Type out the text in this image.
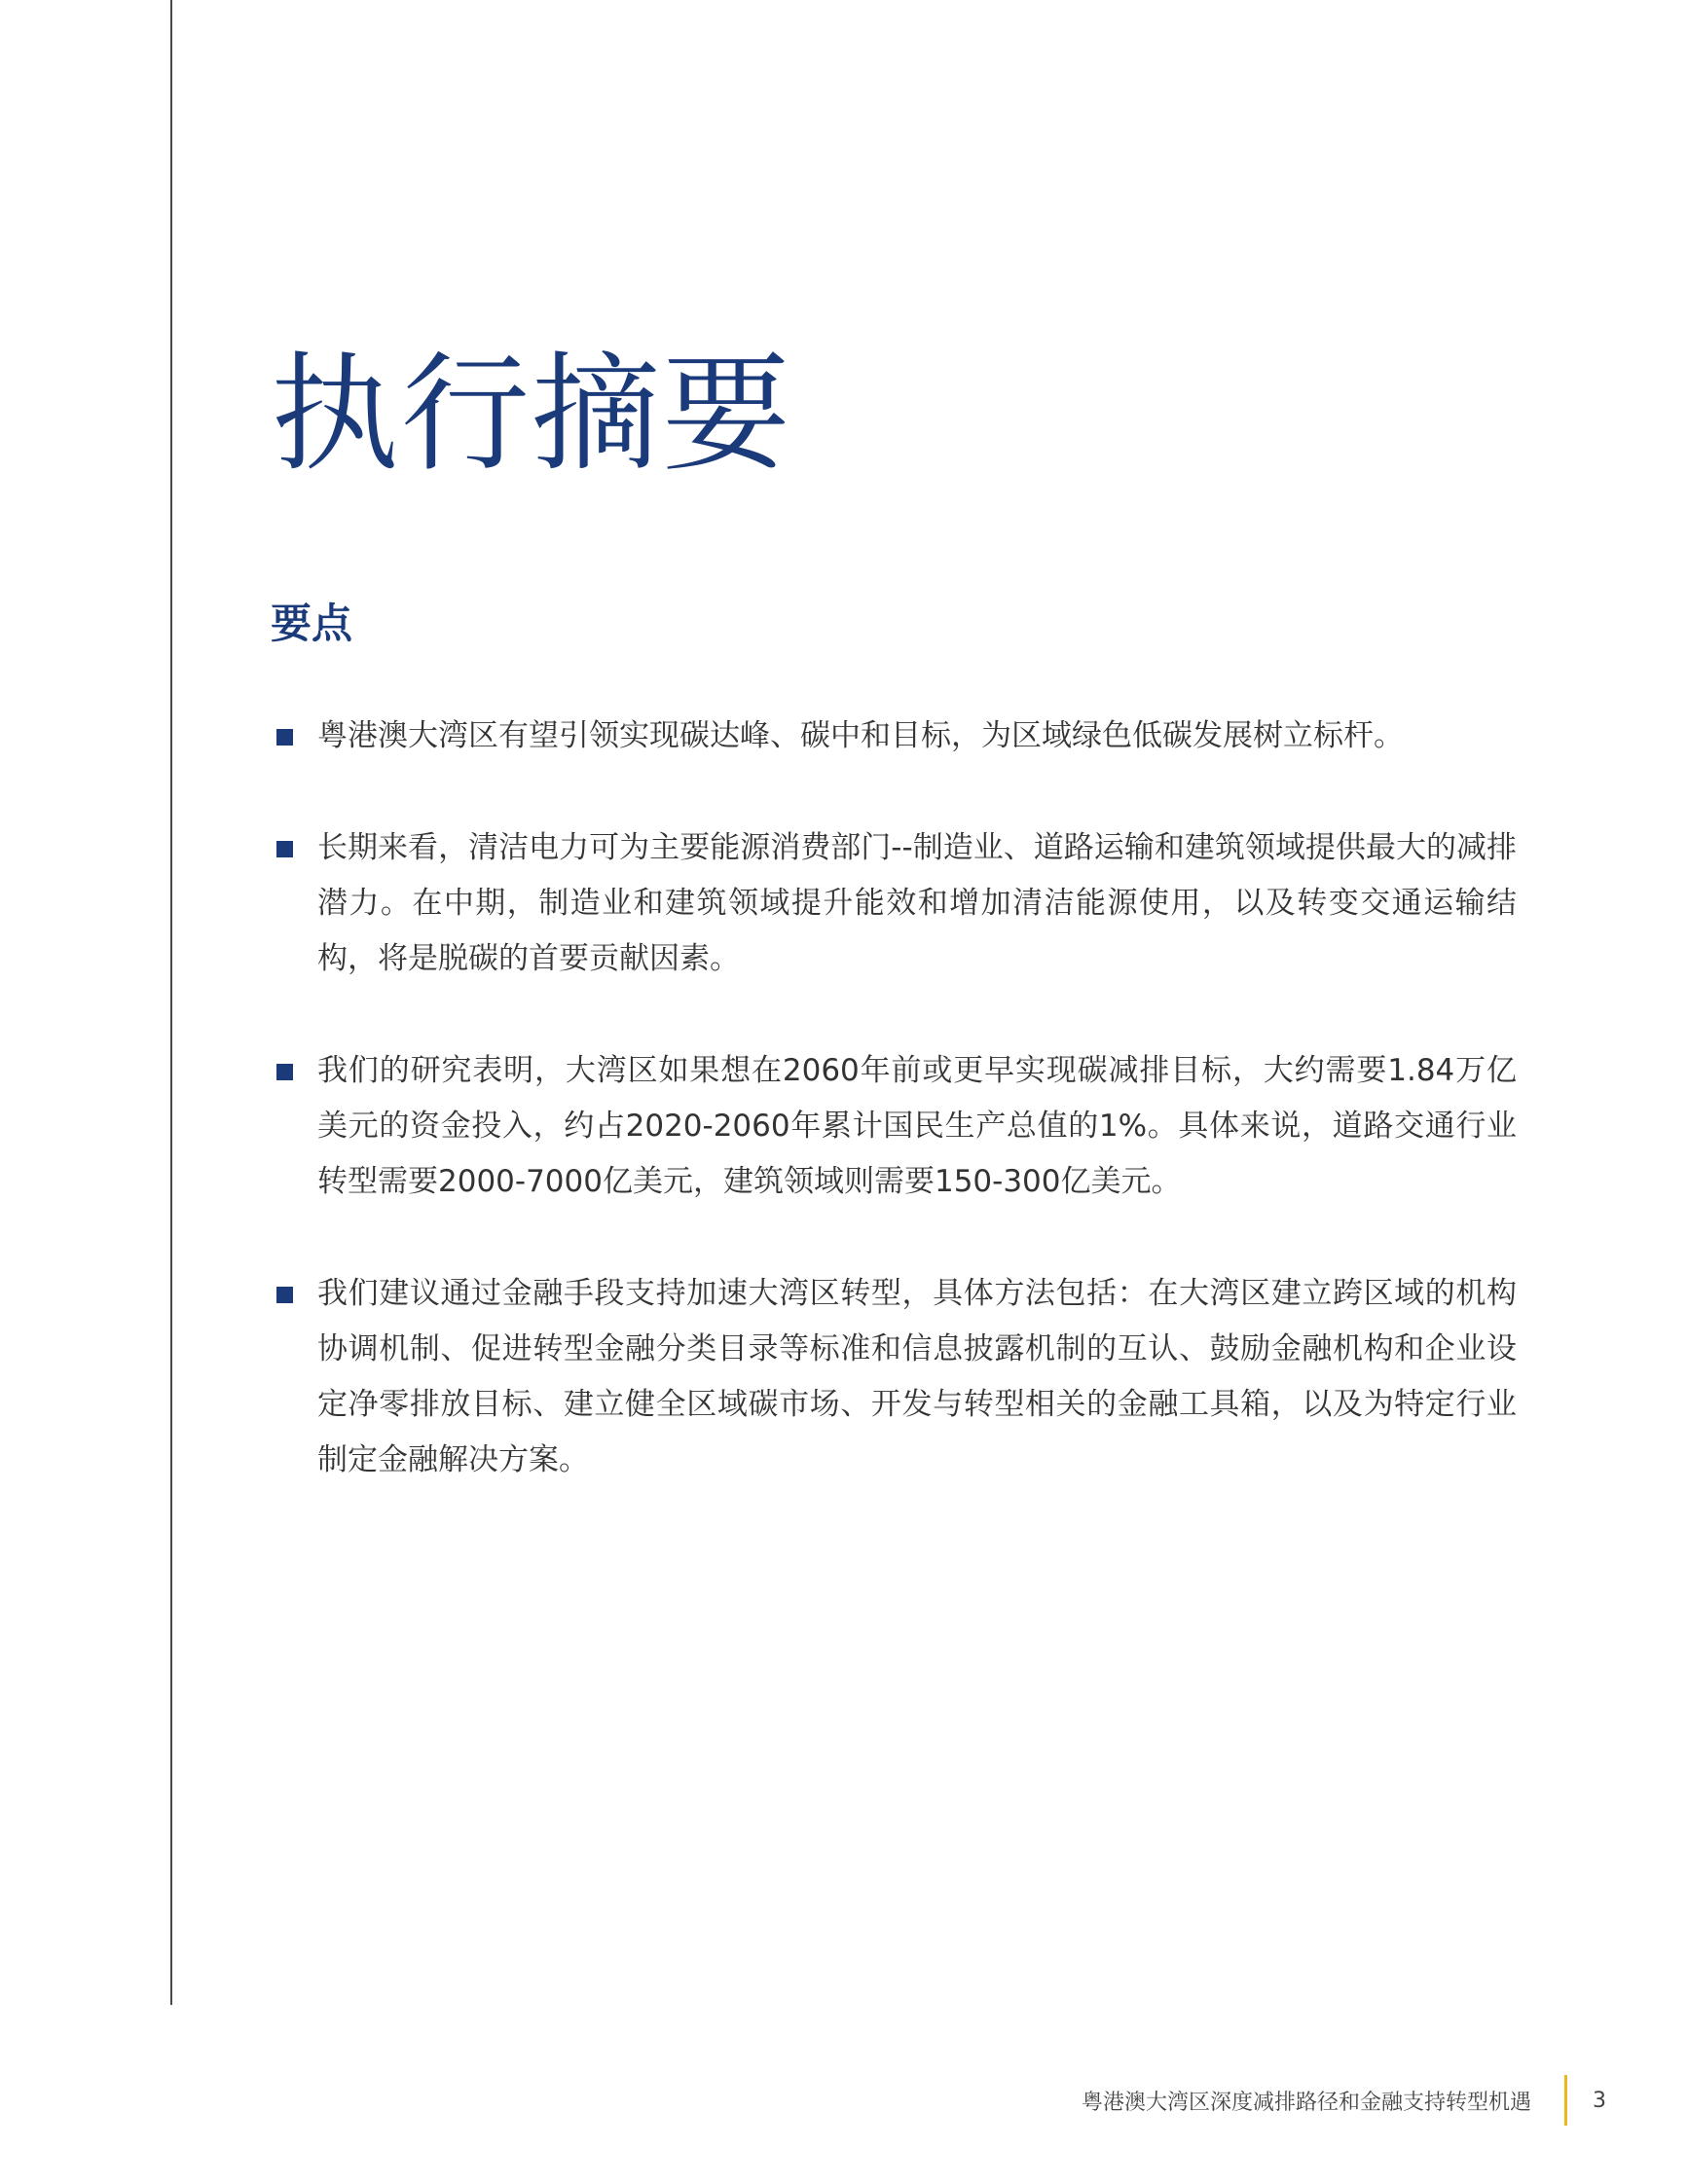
执行摘要
要点
粤港澳大湾区有望引领实现碳达峰、碳中和目标，为区域绿色低碳发展树立标杆。
长期来看，清洁电力可为主要能源消费部门--制造业、道路运输和建筑领域提供最大的减排潜力。在中期，制造业和建筑领域提升能效和增加清洁能源使用，以及转变交通运输结构，将是脱碳的首要贡献因素。
我们的研究表明，大湾区如果想在2060年前或更早实现碳减排目标，大约需要1.84万亿美元的资金投入，约占2020-2060年累计国民生产总值的1%。具体来说，道路交通行业转型需要2000-7000亿美元，建筑领域则需要150-300亿美元。
我们建议通过金融手段支持加速大湾区转型，具体方法包括：在大湾区建立跨区域的机构协调机制、促进转型金融分类目录等标准和信息披露机制的互认、鼓励金融机构和企业设定净零排放目标、建立健全区域碳市场、开发与转型相关的金融工具箱，以及为特定行业制定金融解决方案。
粤港澳大湾区深度减排路径和金融支持转型机遇	3
